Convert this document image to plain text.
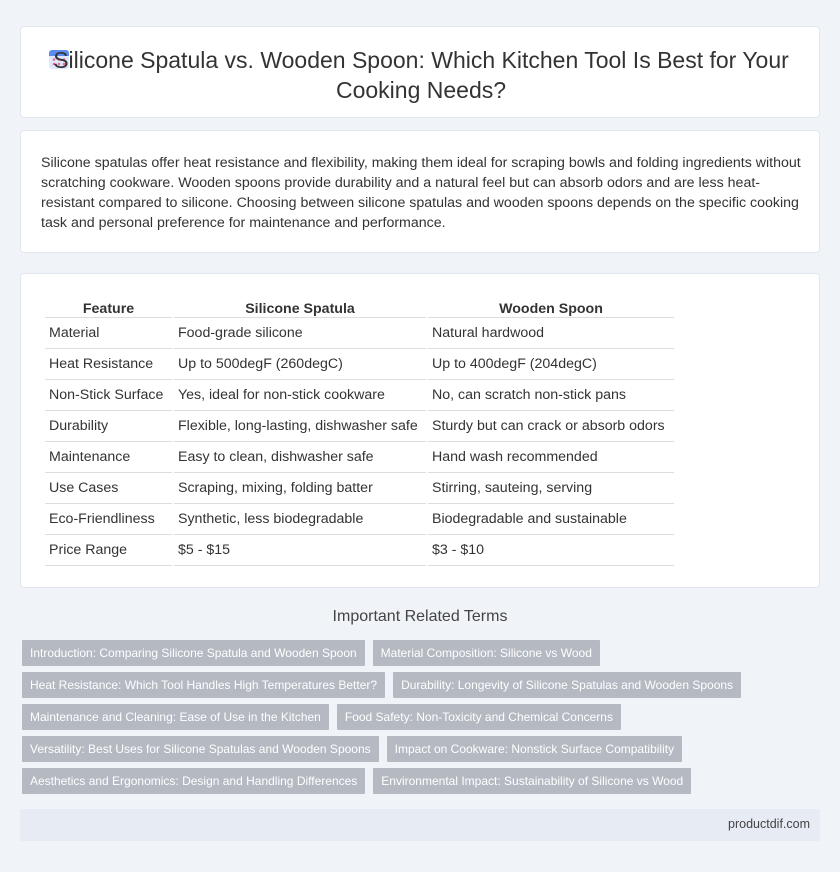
Silicone Spatula vs. Wooden Spoon: Which Kitchen Tool Is Best for Your Cooking Needs?

Silicone spatulas offer heat resistance and flexibility, making them ideal for scraping bowls and folding ingredients without scratching cookware. Wooden spoons provide durability and a natural feel but can absorb odors and are less heat-resistant compared to silicone. Choosing between silicone spatulas and wooden spoons depends on the specific cooking task and personal preference for maintenance and performance.

Feature	Silicone Spatula	Wooden Spoon
Material	Food-grade silicone	Natural hardwood
Heat Resistance	Up to 500degF (260degC)	Up to 400degF (204degC)
Non-Stick Surface	Yes, ideal for non-stick cookware	No, can scratch non-stick pans
Durability	Flexible, long-lasting, dishwasher safe	Sturdy but can crack or absorb odors
Maintenance	Easy to clean, dishwasher safe	Hand wash recommended
Use Cases	Scraping, mixing, folding batter	Stirring, sauteing, serving
Eco-Friendliness	Synthetic, less biodegradable	Biodegradable and sustainable
Price Range	$5 - $15	$3 - $10
Important Related Terms
Introduction: Comparing Silicone Spatula and Wooden Spoon	Material Composition: Silicone vs Wood
Heat Resistance: Which Tool Handles High Temperatures Better?	Durability: Longevity of Silicone Spatulas and Wooden Spoons
Maintenance and Cleaning: Ease of Use in the Kitchen	Food Safety: Non-Toxicity and Chemical Concerns
Versatility: Best Uses for Silicone Spatulas and Wooden Spoons	Impact on Cookware: Nonstick Surface Compatibility
Aesthetics and Ergonomics: Design and Handling Differences	Environmental Impact: Sustainability of Silicone vs Wood
productdif.com
